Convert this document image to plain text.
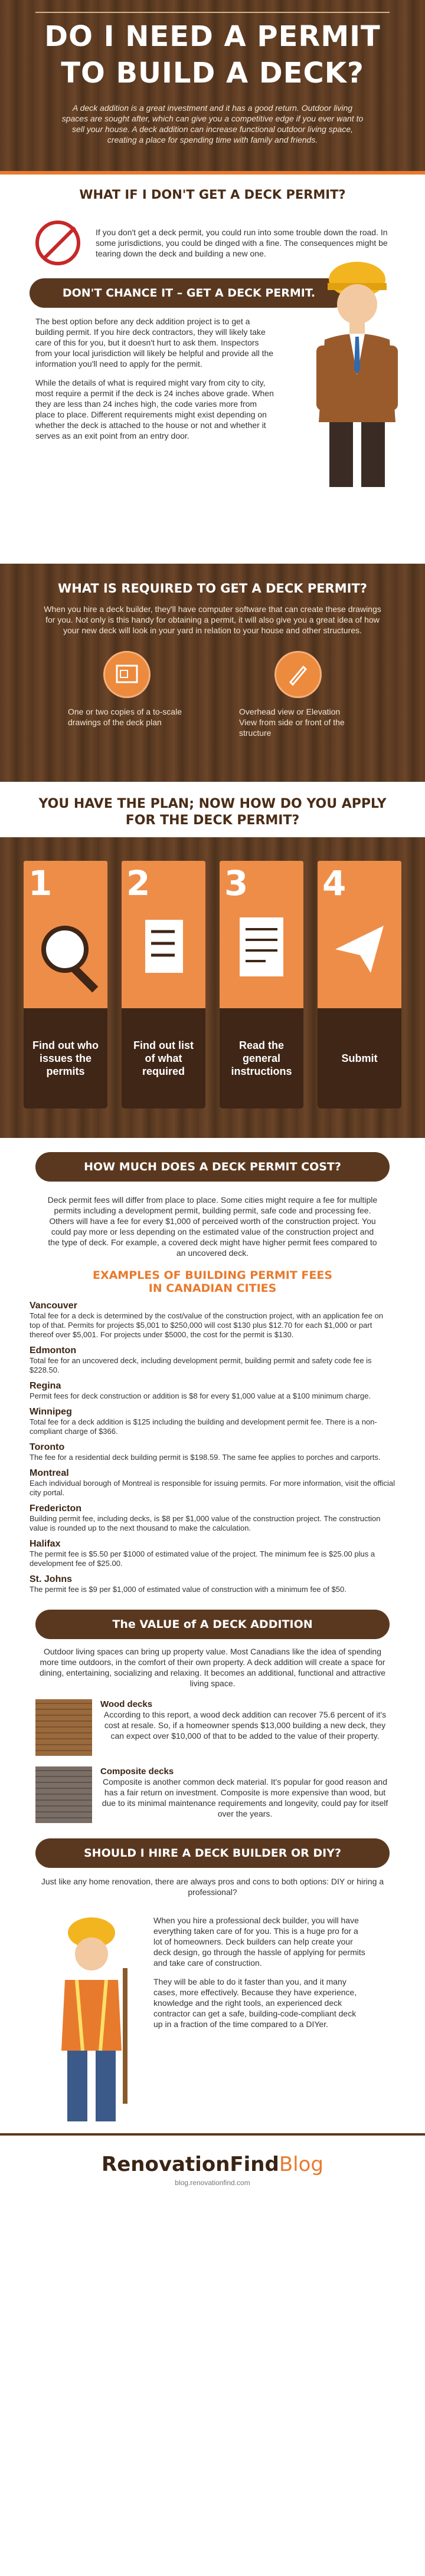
DO I NEED A PERMIT
TO BUILD A DECK?

A deck addition is a great investment and it has a good return. Outdoor living spaces are sought after, which can give you a competitive edge if you ever want to sell your house. A deck addition can increase functional outdoor living space, creating a place for spending time with family and friends.

WHAT IF I DON'T GET A DECK PERMIT?

If you don't get a deck permit, you could run into some trouble down the road. In some jurisdictions, you could be dinged with a fine. The consequences might be tearing down the deck and building a new one.

DON'T CHANCE IT – GET A DECK PERMIT.

The best option before any deck addition project is to get a building permit. If you hire deck contractors, they will likely take care of this for you, but it doesn't hurt to ask them. Inspectors from your local jurisdiction will likely be helpful and provide all the information you'll need to apply for the permit.

While the details of what is required might vary from city to city, most require a permit if the deck is 24 inches above grade. When they are less than 24 inches high, the code varies more from place to place. Different requirements might exist depending on whether the deck is attached to the house or not and whether it serves as an exit point from an entry door.

WHAT IS REQUIRED TO GET A DECK PERMIT?

When you hire a deck builder, they'll have computer software that can create these drawings for you. Not only is this handy for obtaining a permit, it will also give you a great idea of how your new deck will look in your yard in relation to your house and other structures.

One or two copies of a to-scale drawings of the deck plan

Overhead view or Elevation View from side or front of the structure

YOU HAVE THE PLAN; NOW HOW DO YOU APPLY
FOR THE DECK PERMIT?
1
Find out who issues the permits
2
Find out list of what required
3
Read the general instructions
4
Submit
HOW MUCH DOES A DECK PERMIT COST?

Deck permit fees will differ from place to place. Some cities might require a fee for multiple permits including a development permit, building permit, safe code and processing fee. Others will have a fee for every $1,000 of perceived worth of the construction project. You could pay more or less depending on the estimated value of the construction project and the type of deck. For example, a covered deck might have higher permit fees compared to an uncovered deck.

EXAMPLES OF BUILDING PERMIT FEES
IN CANADIAN CITIES
Vancouver

Total fee for a deck is determined by the cost/value of the construction project, with an application fee on top of that. Permits for projects $5,001 to $250,000 will cost $130 plus $12.70 for each $1,000 or part thereof over $5,001. For projects under $5000, the cost for the permit is $130.

Edmonton

Total fee for an uncovered deck, including development permit, building permit and safety code fee is $228.50.

Regina

Permit fees for deck construction or addition is $8 for every $1,000 value at a $100 minimum charge.

Winnipeg

Total fee for a deck addition is $125 including the building and development permit fee. There is a non-compliant charge of $366.

Toronto

The fee for a residential deck building permit is $198.59. The same fee applies to porches and carports.

Montreal

Each individual borough of Montreal is responsible for issuing permits. For more information, visit the official city portal.

Fredericton

Building permit fee, including decks, is $8 per $1,000 value of the construction project. The construction value is rounded up to the next thousand to make the calculation.

Halifax

The permit fee is $5.50 per $1000 of estimated value of the project. The minimum fee is $25.00 plus a development fee of $25.00.

St. Johns

The permit fee is $9 per $1,000 of estimated value of construction with a minimum fee of $50.

The VALUE of A DECK ADDITION

Outdoor living spaces can bring up property value. Most Canadians like the idea of spending more time outdoors, in the comfort of their own property. A deck addition will create a space for dining, entertaining, socializing and relaxing. It becomes an additional, functional and attractive living space.

Wood decks

According to this report, a wood deck addition can recover 75.6 percent of it's cost at resale. So, if a homeowner spends $13,000 building a new deck, they can expect over $10,000 of that to be added to the value of their property.

Composite decks

Composite is another common deck material. It's popular for good reason and has a fair return on investment. Composite is more expensive than wood, but due to its minimal maintenance requirements and longevity, could pay for itself over the years.

SHOULD I HIRE A DECK BUILDER OR DIY?

Just like any home renovation, there are always pros and cons to both options: DIY or hiring a professional?

When you hire a professional deck builder, you will have everything taken care of for you. This is a huge pro for a lot of homeowners. Deck builders can help create your deck design, go through the hassle of applying for permits and take care of construction.

They will be able to do it faster than you, and it many cases, more effectively. Because they have experience, knowledge and the right tools, an experienced deck contractor can get a safe, building-code-compliant deck up in a fraction of the time compared to a DIYer.

RenovationFindBlog
blog.renovationfind.com
